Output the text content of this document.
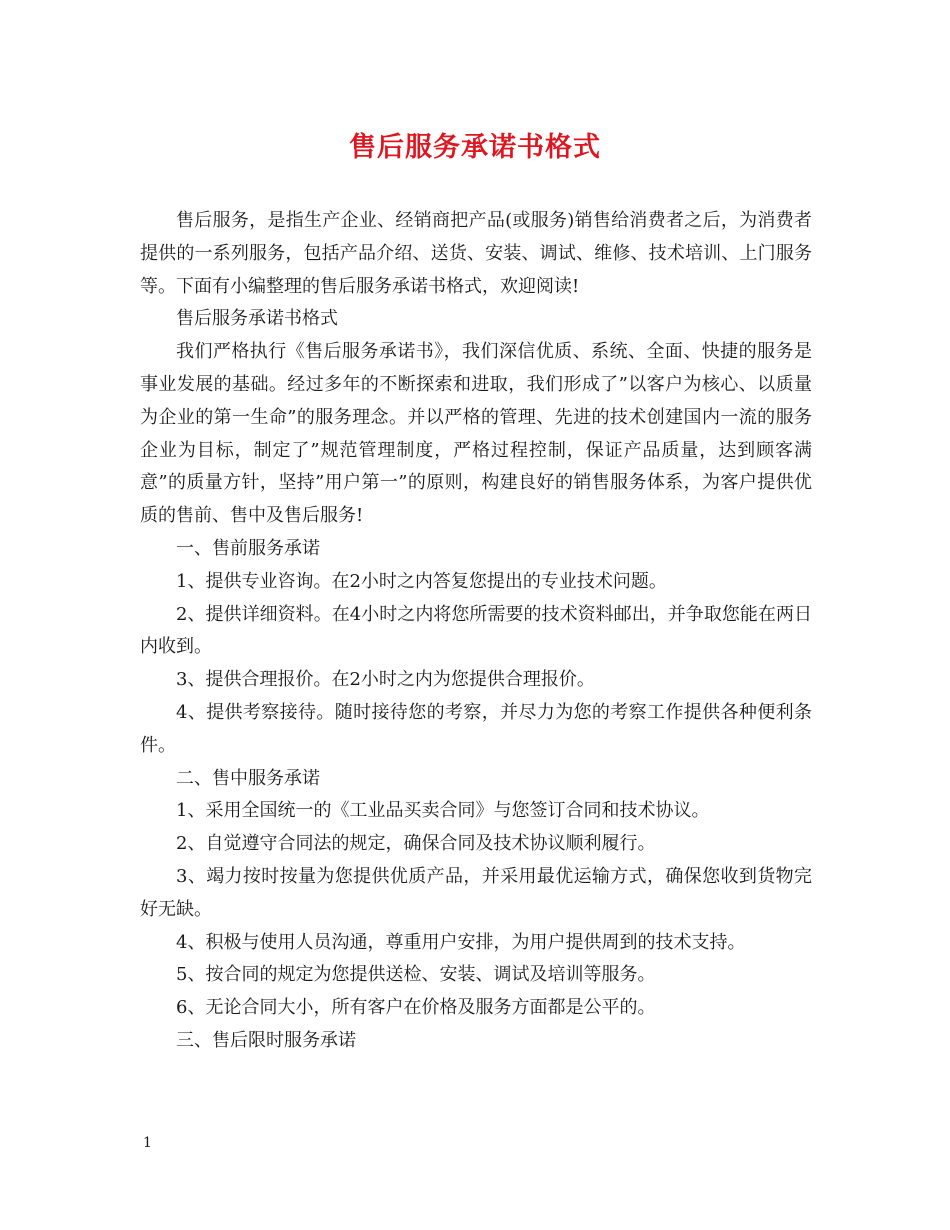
售后服务承诺书格式

售后服务，是指生产企业、经销商把产品(或服务)销售给消费者之后，为消费者提供的一系列服务，包括产品介绍、送货、安装、调试、维修、技术培训、上门服务等。下面有小编整理的售后服务承诺书格式，欢迎阅读!

售后服务承诺书格式

我们严格执行《售后服务承诺书》，我们深信优质、系统、全面、快捷的服务是事业发展的基础。经过多年的不断探索和进取，我们形成了”以客户为核心、以质量为企业的第一生命”的服务理念。并以严格的管理、先进的技术创建国内一流的服务企业为目标，制定了”规范管理制度，严格过程控制，保证产品质量，达到顾客满意”的质量方针，坚持”用户第一”的原则，构建良好的销售服务体系，为客户提供优质的售前、售中及售后服务!

一、售前服务承诺

1、提供专业咨询。在2小时之内答复您提出的专业技术问题。

2、提供详细资料。在4小时之内将您所需要的技术资料邮出，并争取您能在两日内收到。

3、提供合理报价。在2小时之内为您提供合理报价。

4、提供考察接待。随时接待您的考察，并尽力为您的考察工作提供各种便利条件。

二、售中服务承诺

1、采用全国统一的《工业品买卖合同》与您签订合同和技术协议。

2、自觉遵守合同法的规定，确保合同及技术协议顺利履行。

3、竭力按时按量为您提供优质产品，并采用最优运输方式，确保您收到货物完好无缺。

4、积极与使用人员沟通，尊重用户安排，为用户提供周到的技术支持。

5、按合同的规定为您提供送检、安装、调试及培训等服务。

6、无论合同大小，所有客户在价格及服务方面都是公平的。

三、售后限时服务承诺

1
